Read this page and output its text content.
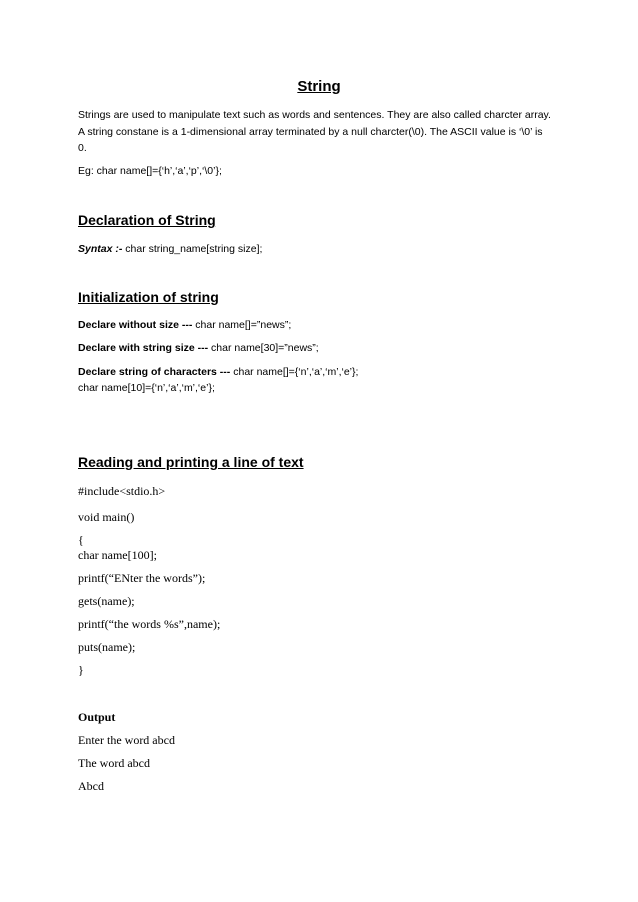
String
Strings are used to manipulate text such as words and sentences. They are also called charcter array.
A string constane is a 1-dimensional array terminated by a null charcter(\0). The ASCII value is ‘\0’ is
0.
Eg: char name[]={‘h’,‘a’,‘p’,‘\0’};
Declaration of String
Syntax :- char string_name[string size];
Initialization of string
Declare without size --- char name[]=”news”;
Declare with string size --- char name[30]=”news”;
Declare string of characters --- char name[]={‘n’,‘a’,‘m’,‘e’};
char name[10]={‘n’,‘a’,‘m’,‘e’};
Reading and printing a line of text
#include<stdio.h>
void main()
{
char name[100];
printf(“ENter the words”);
gets(name);
printf(“the words %s”,name);
puts(name);
}
Output
Enter the word abcd
The word abcd
Abcd
